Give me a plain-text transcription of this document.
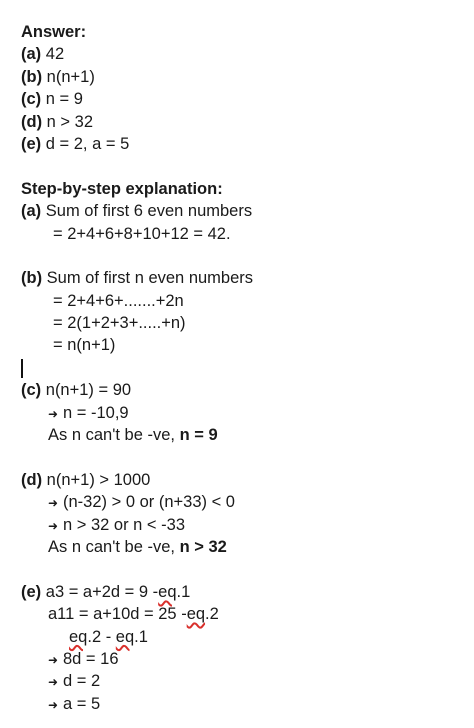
Answer:
(a) 42
(b) n(n+1)
(c) n = 9
(d) n > 32
(e) d = 2, a = 5
Step-by-step explanation:
(a) Sum of first 6 even numbers
= 2+4+6+8+10+12 = 42.
(b) Sum of first n even numbers
= 2+4+6+.......+2n
= 2(1+2+3+.....+n)
= n(n+1)
(c) n(n+1) = 90
➜ n = -10,9
As n can't be -ve, n = 9
(d) n(n+1) > 1000
➜ (n-32) > 0 or (n+33) < 0
➜ n > 32 or n < -33
As n can't be -ve, n > 32
(e) a3 = a+2d = 9 -eq.1
a11 = a+10d = 25 -eq.2
eq.2 - eq.1
➜ 8d = 16
➜ d = 2
➜ a = 5
